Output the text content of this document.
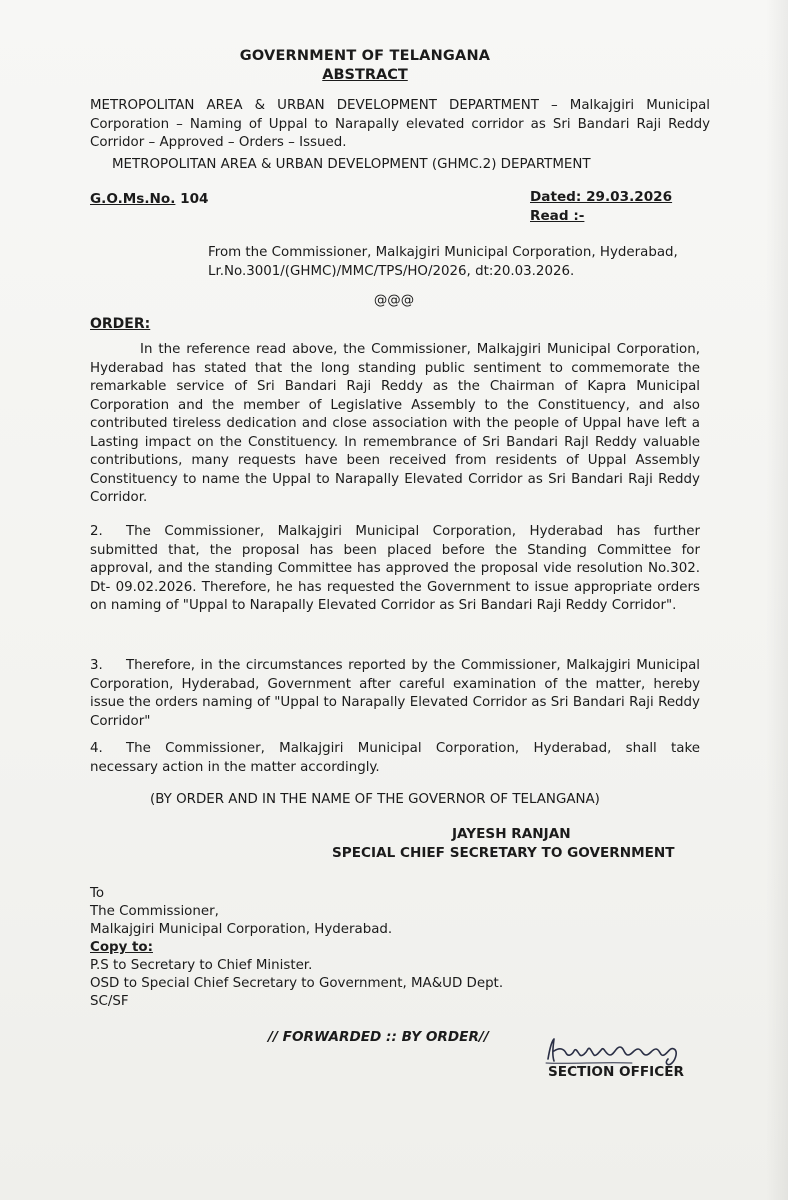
GOVERNMENT OF TELANGANA
ABSTRACT
METROPOLITAN AREA & URBAN DEVELOPMENT DEPARTMENT – Malkajgiri Municipal Corporation – Naming of Uppal to Narapally elevated corridor as Sri Bandari Raji Reddy Corridor – Approved – Orders – Issued.
METROPOLITAN AREA & URBAN DEVELOPMENT (GHMC.2) DEPARTMENT
G.O.Ms.No. 104	Dated: 29.03.2026
Read :-
From the Commissioner, Malkajgiri Municipal Corporation, Hyderabad,
Lr.No.3001/(GHMC)/MMC/TPS/HO/2026, dt:20.03.2026.
@@@
ORDER:
In the reference read above, the Commissioner, Malkajgiri Municipal Corporation, Hyderabad has stated that the long standing public sentiment to commemorate the remarkable service of Sri Bandari Raji Reddy as the Chairman of Kapra Municipal Corporation and the member of Legislative Assembly to the Constituency, and also contributed tireless dedication and close association with the people of Uppal have left a Lasting impact on the Constituency. In remembrance of Sri Bandari Rajl Reddy valuable contributions, many requests have been received from residents of Uppal Assembly Constituency to name the Uppal to Narapally Elevated Corridor as Sri Bandari Raji Reddy Corridor.
2. The Commissioner, Malkajgiri Municipal Corporation, Hyderabad has further submitted that, the proposal has been placed before the Standing Committee for approval, and the standing Committee has approved the proposal vide resolution No.302. Dt- 09.02.2026. Therefore, he has requested the Government to issue appropriate orders on naming of "Uppal to Narapally Elevated Corridor as Sri Bandari Raji Reddy Corridor".
3. Therefore, in the circumstances reported by the Commissioner, Malkajgiri Municipal Corporation, Hyderabad, Government after careful examination of the matter, hereby issue the orders naming of "Uppal to Narapally Elevated Corridor as Sri Bandari Raji Reddy Corridor"
4. The Commissioner, Malkajgiri Municipal Corporation, Hyderabad, shall take necessary action in the matter accordingly.
(BY ORDER AND IN THE NAME OF THE GOVERNOR OF TELANGANA)
JAYESH RANJAN
SPECIAL CHIEF SECRETARY TO GOVERNMENT
To
The Commissioner,
Malkajgiri Municipal Corporation, Hyderabad.
Copy to:
P.S to Secretary to Chief Minister.
OSD to Special Chief Secretary to Government, MA&UD Dept.
SC/SF
// FORWARDED :: BY ORDER//
SECTION OFFICER
